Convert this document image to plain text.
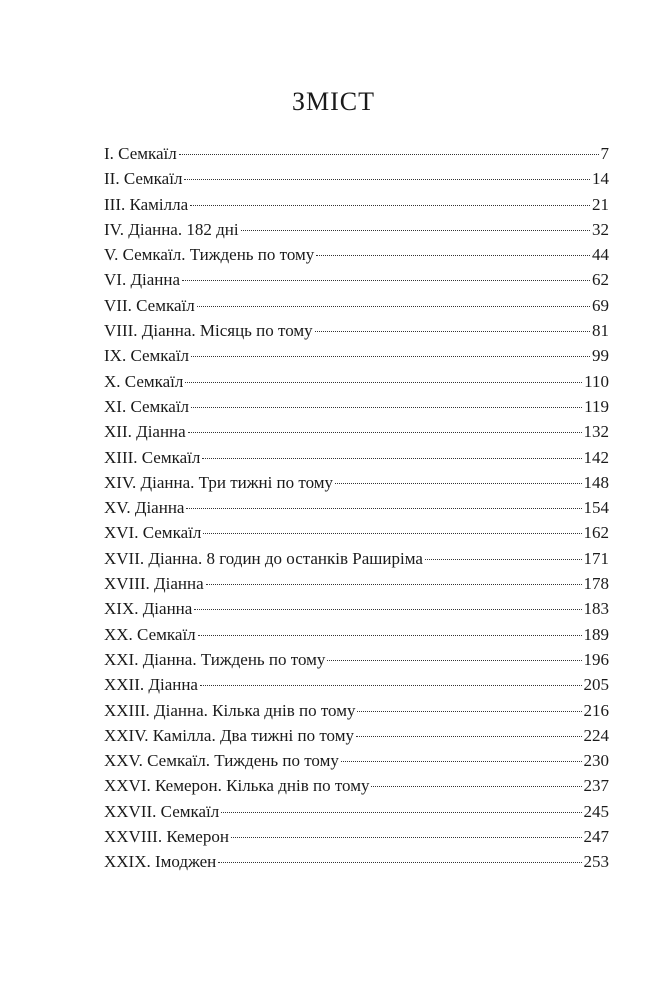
ЗМІСТ
I. Семкаїл	7
II. Семкаїл	14
III. Камілла	21
IV. Діанна. 182 дні	32
V. Семкаїл. Тиждень по тому	44
VI. Діанна	62
VII. Семкаїл	69
VIII. Діанна. Місяць по тому	81
IX. Семкаїл	99
X. Семкаїл	110
XI. Семкаїл	119
XII. Діанна	132
XIII. Семкаїл	142
XIV. Діанна. Три тижні по тому	148
XV. Діанна	154
XVI. Семкаїл	162
XVII. Діанна. 8 годин до останків Раширіма	171
XVIII. Діанна	178
XIX. Діанна	183
XX. Семкаїл	189
XXI. Діанна. Тиждень по тому	196
XXII. Діанна	205
XXIII. Діанна. Кілька днів по тому	216
XXIV. Камілла. Два тижні по тому	224
XXV. Семкаїл. Тиждень по тому	230
XXVI. Кемерон. Кілька днів по тому	237
XXVII. Семкаїл	245
XXVIII. Кемерон	247
XXIX. Імоджен	253
